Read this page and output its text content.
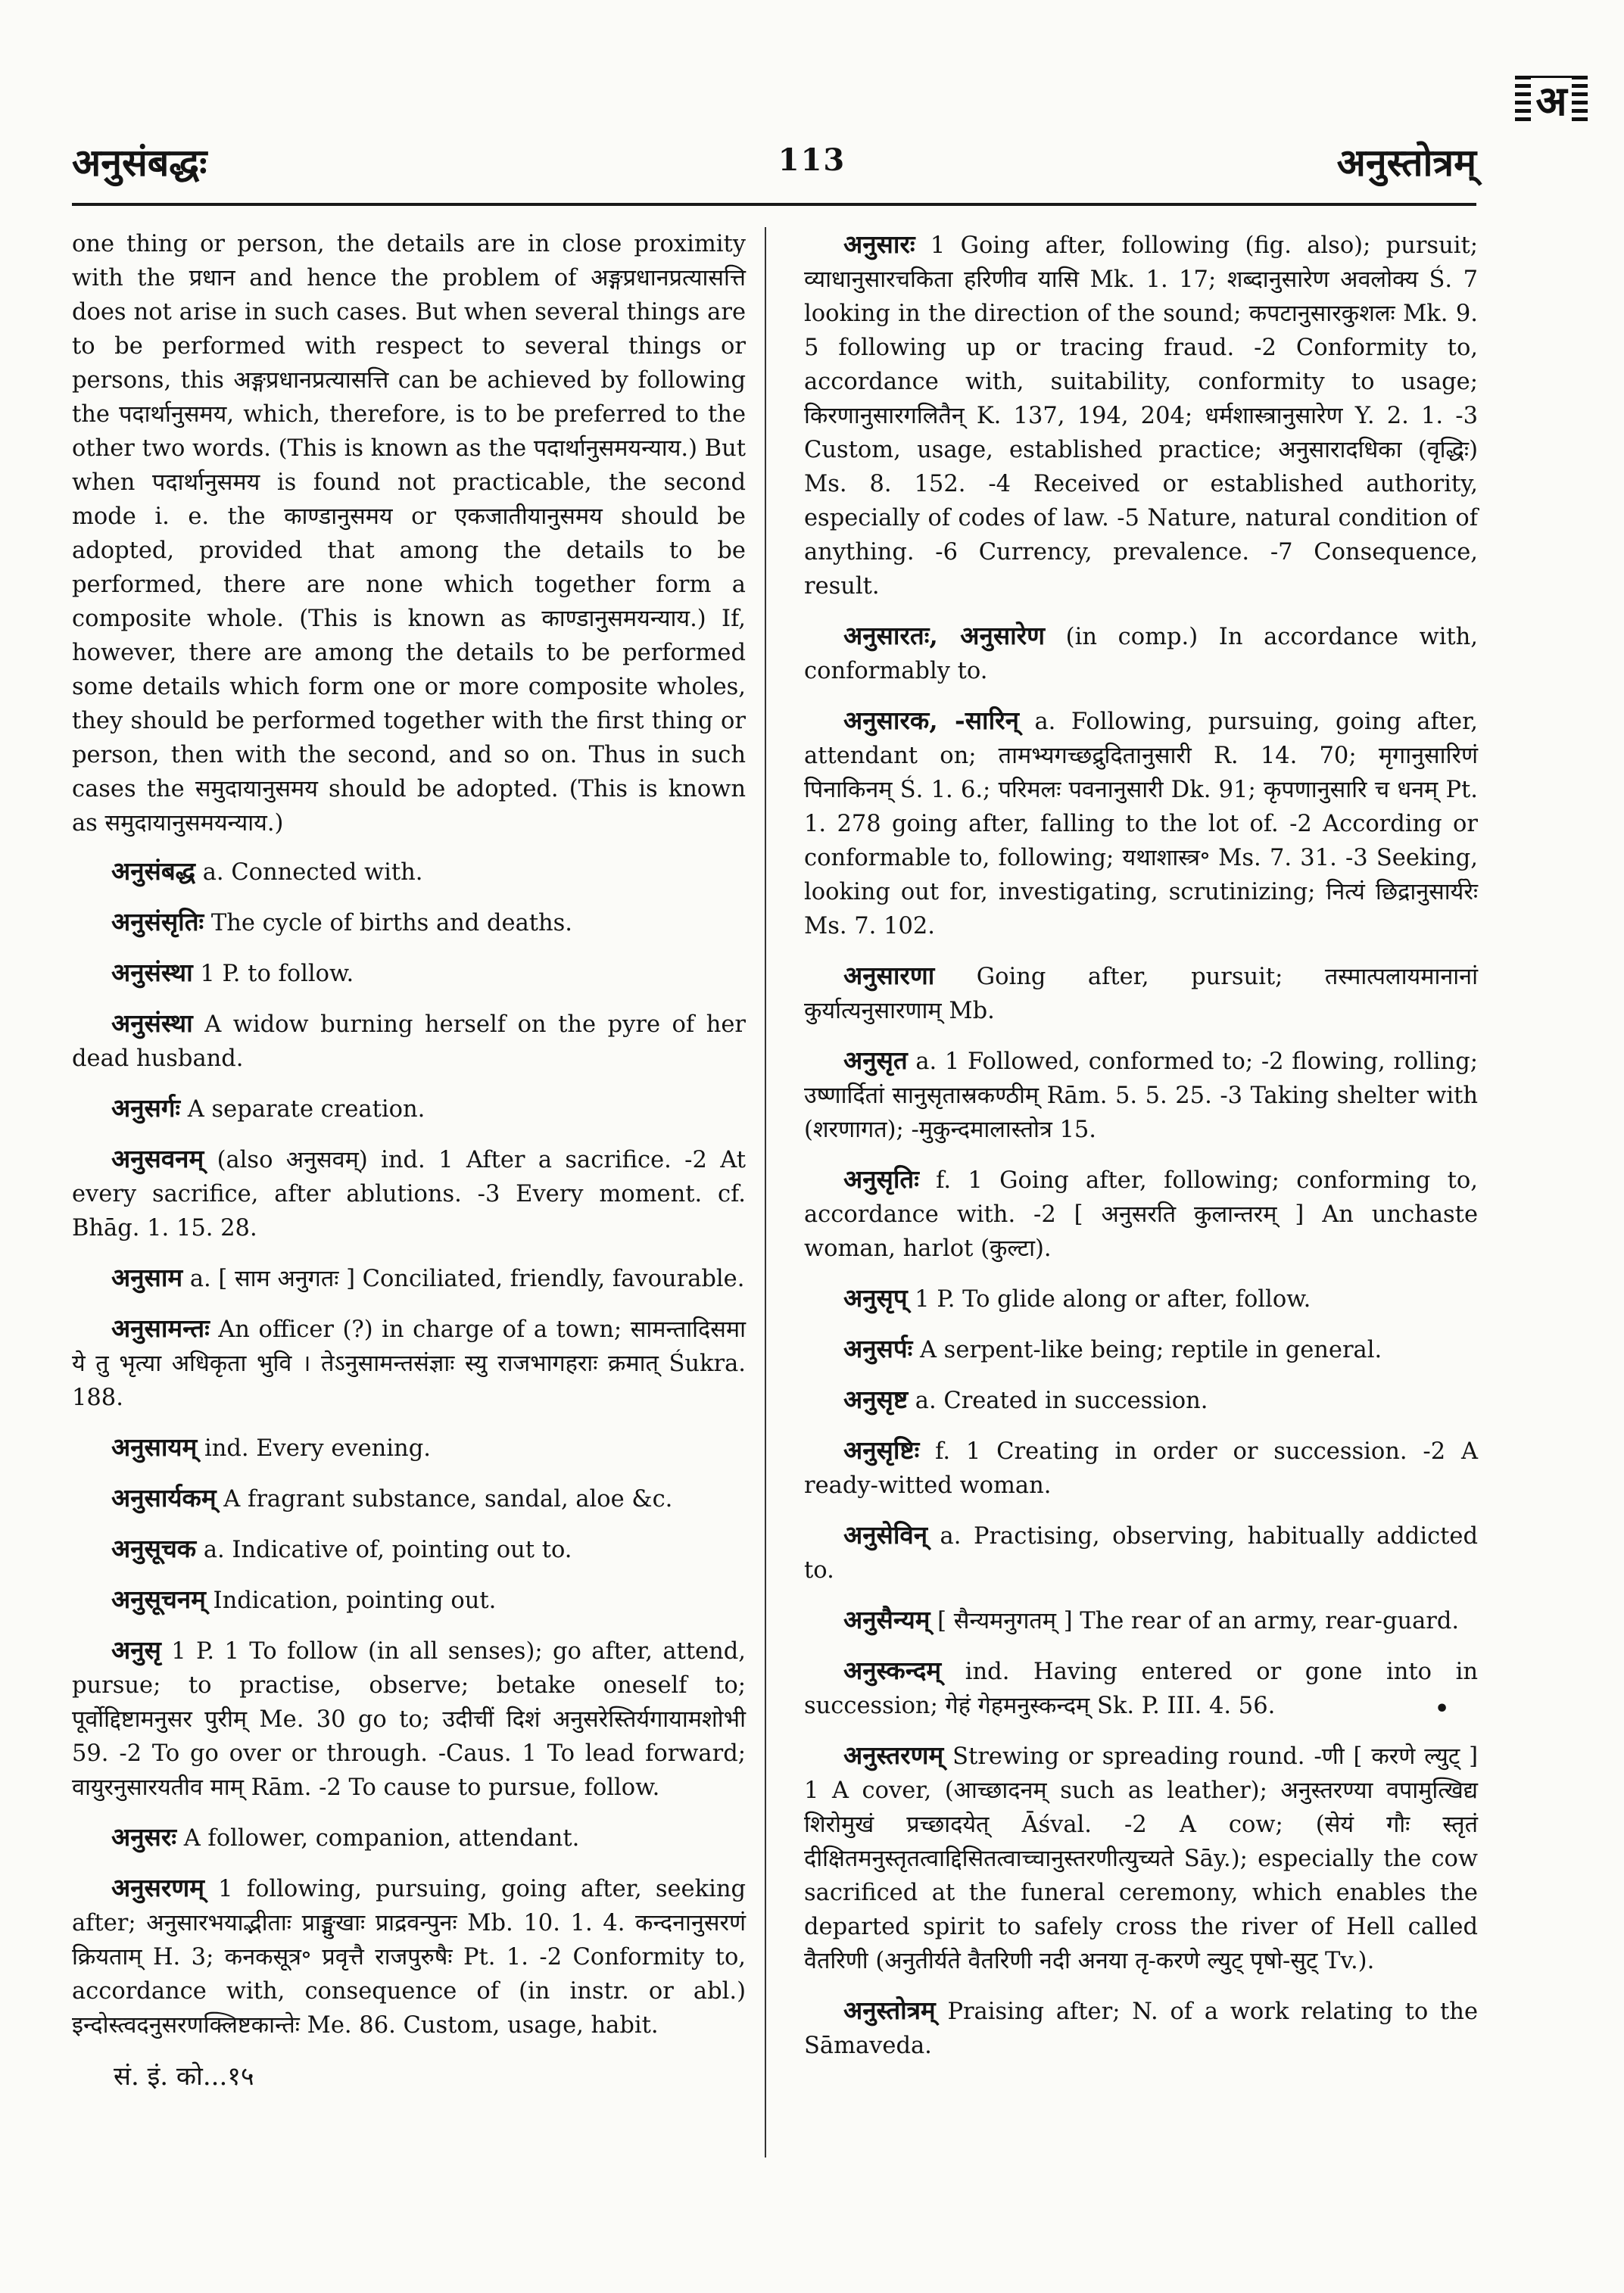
अ
अनुसंबद्धः	113	अनुस्तोत्रम्

one thing or person, the details are in close proximity with the प्रधान and hence the problem of अङ्गप्रधानप्रत्यासत्ति does not arise in such cases. But when several things are to be performed with respect to several things or persons, this अङ्गप्रधानप्रत्यासत्ति can be achieved by following the पदार्थानुसमय, which, therefore, is to be preferred to the other two words. (This is known as the पदार्थानुसमयन्याय.) But when पदार्थानुसमय is found not practicable, the second mode i. e. the काण्डानुसमय or एकजातीयानुसमय should be adopted, provided that among the details to be performed, there are none which together form a composite whole. (This is known as काण्डानुसमयन्याय.) If, however, there are among the details to be performed some details which form one or more composite wholes, they should be performed together with the first thing or person, then with the second, and so on. Thus in such cases the समुदायानुसमय should be adopted. (This is known as समुदायानुसमयन्याय.)

अनुसंबद्ध a. Connected with.

अनुसंसृतिः The cycle of births and deaths.

अनुसंस्था 1 P. to follow.

अनुसंस्था A widow burning herself on the pyre of her dead husband.

अनुसर्गः A separate creation.

अनुसवनम् (also अनुसवम्) ind. 1 After a sacrifice. -2 At every sacrifice, after ablutions. -3 Every moment. cf. Bhāg. 1. 15. 28.

अनुसाम a. [ साम अनुगतः ] Conciliated, friendly, favourable.

अनुसामन्तः An officer (?) in charge of a town; सामन्तादिसमा ये तु भृत्या अधिकृता भुवि । तेऽनुसामन्तसंज्ञाः स्यु राजभागहराः क्रमात् Śukra. 188.

अनुसायम् ind. Every evening.

अनुसार्यकम् A fragrant substance, sandal, aloe &c.

अनुसूचक a. Indicative of, pointing out to.

अनुसूचनम् Indication, pointing out.

अनुसृ 1 P. 1 To follow (in all senses); go after, attend, pursue; to practise, observe; betake oneself to; पूर्वोद्दिष्टामनुसर पुरीम् Me. 30 go to; उदीचीं दिशं अनुसरेस्तिर्यगायामशोभी 59. -2 To go over or through. -Caus. 1 To lead forward; वायुरनुसारयतीव माम् Rām. -2 To cause to pursue, follow.

अनुसरः A follower, companion, attendant.

अनुसरणम् 1 following, pursuing, going after, seeking after; अनुसारभयाद्भीताः प्राङ्मुखाः प्राद्रवन्पुनः Mb. 10. 1. 4. कन्दनानुसरणं क्रियताम् H. 3; कनकसूत्र॰ प्रवृत्तै राजपुरुषैः Pt. 1. -2 Conformity to, accordance with, consequence of (in instr. or abl.) इन्दोस्त्वदनुसरणक्लिष्टकान्तेः Me. 86. Custom, usage, habit.

अनुसारः 1 Going after, following (fig. also); pursuit; व्याधानुसारचकिता हरिणीव यासि Mk. 1. 17; शब्दानुसारेण अवलोक्य Ś. 7 looking in the direction of the sound; कपटानुसारकुशलः Mk. 9. 5 following up or tracing fraud. -2 Conformity to, accordance with, suitability, conformity to usage; किरणानुसारगलितैन् K. 137, 194, 204; धर्मशास्त्रानुसारेण Y. 2. 1. -3 Custom, usage, established practice; अनुसारादधिका (वृद्धिः) Ms. 8. 152. -4 Received or established authority, especially of codes of law. -5 Nature, natural condition of anything. -6 Currency, prevalence. -7 Consequence, result.

अनुसारतः, अनुसारेण (in comp.) In accordance with, conformably to.

अनुसारक, -सारिन् a. Following, pursuing, going after, attendant on; तामभ्यगच्छद्रुदितानुसारी R. 14. 70; मृगानुसारिणं पिनाकिनम् Ś. 1. 6.; परिमलः पवनानुसारी Dk. 91; कृपणानुसारि च धनम् Pt. 1. 278 going after, falling to the lot of. -2 According or conformable to, following; यथाशास्त्र॰ Ms. 7. 31. -3 Seeking, looking out for, investigating, scrutinizing; नित्यं छिद्रानुसार्यरेः Ms. 7. 102.

अनुसारणा Going after, pursuit; तस्मात्पलायमानानां कुर्यात्यनुसारणाम् Mb.

अनुसृत a. 1 Followed, conformed to; -2 flowing, rolling; उष्णार्दितां सानुसृतास्रकण्ठीम् Rām. 5. 5. 25. -3 Taking shelter with (शरणागत); -मुकुन्दमालास्तोत्र 15.

अनुसृतिः f. 1 Going after, following; conforming to, accordance with. -2 [ अनुसरति कुलान्तरम् ] An unchaste woman, harlot (कुल्टा).

अनुसृप् 1 P. To glide along or after, follow.

अनुसर्पः A serpent-like being; reptile in general.

अनुसृष्ट a. Created in succession.

अनुसृष्टिः f. 1 Creating in order or succession. -2 A ready-witted woman.

अनुसेविन् a. Practising, observing, habitually addicted to.

अनुसैन्यम् [ सैन्यमनुगतम् ] The rear of an army, rear-guard.

अनुस्कन्दम् ind. Having entered or gone into in succession; गेहं गेहमनुस्कन्दम् Sk. P. III. 4. 56.

अनुस्तरणम् Strewing or spreading round. -णी [ करणे ल्युट् ] 1 A cover, (आच्छादनम् such as leather); अनुस्तरण्या वपामुत्खिद्य शिरोमुखं प्रच्छादयेत् Āśval. -2 A cow; (सेयं गौः स्तृतं दीक्षितमनुस्तृतत्वाद्दिसितत्वाच्चानुस्तरणीत्युच्यते Sāy.); especially the cow sacrificed at the funeral ceremony, which enables the departed spirit to safely cross the river of Hell called वैतरिणी (अनुतीर्यते वैतरिणी नदी अनया तृ-करणे ल्युट् पृषो-सुट् Tv.).

अनुस्तोत्रम् Praising after; N. of a work relating to the Sāmaveda.

सं. इं. को...१५
•
